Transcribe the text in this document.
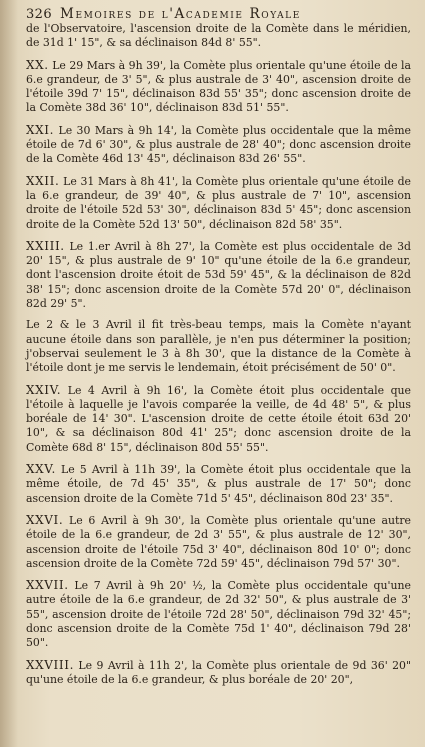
326 Memoires de l'Academie Royale

de l'Observatoire, l'ascension droite de la Comète dans le méridien, de 31d 1' 15", & sa déclinaison 84d 8' 55".

XX. Le 29 Mars à 9h 39', la Comète plus orientale qu'une étoile de la 6.e grandeur, de 3' 5", & plus australe de 3' 40", ascension droite de l'étoile 39d 7' 15", déclinaison 83d 55' 35"; donc ascension droite de la Comète 38d 36' 10", déclinaison 83d 51' 55".

XXI. Le 30 Mars à 9h 14', la Comète plus occidentale que la même étoile de 7d 6' 30", & plus australe de 28' 40"; donc ascension droite de la Comète 46d 13' 45", déclinaison 83d 26' 55".

XXII. Le 31 Mars à 8h 41', la Comète plus orientale qu'une étoile de la 6.e grandeur, de 39' 40", & plus australe de 7' 10", ascension droite de l'étoile 52d 53' 30", déclinaison 83d 5' 45"; donc ascension droite de la Comète 52d 13' 50", déclinaison 82d 58' 35".

XXIII. Le 1.er Avril à 8h 27', la Comète est plus occidentale de 3d 20' 15", & plus australe de 9' 10" qu'une étoile de la 6.e grandeur, dont l'ascension droite étoit de 53d 59' 45", & la déclinaison de 82d 38' 15"; donc ascension droite de la Comète 57d 20' 0", déclinaison 82d 29' 5".

Le 2 & le 3 Avril il fit très-beau temps, mais la Comète n'ayant aucune étoile dans son parallèle, je n'en pus déterminer la position; j'observai seulement le 3 à 8h 30', que la distance de la Comète à l'étoile dont je me servis le lendemain, étoit précisément de 50' 0".

XXIV. Le 4 Avril à 9h 16', la Comète étoit plus occidentale que l'étoile à laquelle je l'avois comparée la veille, de 4d 48' 5", & plus boréale de 14' 30". L'ascension droite de cette étoile étoit 63d 20' 10", & sa déclinaison 80d 41' 25"; donc ascension droite de la Comète 68d 8' 15", déclinaison 80d 55' 55".

XXV. Le 5 Avril à 11h 39', la Comète étoit plus occidentale que la même étoile, de 7d 45' 35", & plus australe de 17' 50"; donc ascension droite de la Comète 71d 5' 45", déclinaison 80d 23' 35".

XXVI. Le 6 Avril à 9h 30', la Comète plus orientale qu'une autre étoile de la 6.e grandeur, de 2d 3' 55", & plus australe de 12' 30", ascension droite de l'étoile 75d 3' 40", déclinaison 80d 10' 0"; donc ascension droite de la Comète 72d 59' 45", déclinaison 79d 57' 30".

XXVII. Le 7 Avril à 9h 20' ½, la Comète plus occidentale qu'une autre étoile de la 6.e grandeur, de 2d 32' 50", & plus australe de 3' 55", ascension droite de l'étoile 72d 28' 50", déclinaison 79d 32' 45"; donc ascension droite de la Comète 75d 1' 40", déclinaison 79d 28' 50".

XXVIII. Le 9 Avril à 11h 2', la Comète plus orientale de 9d 36' 20" qu'une étoile de la 6.e grandeur, & plus boréale de 20' 20",
